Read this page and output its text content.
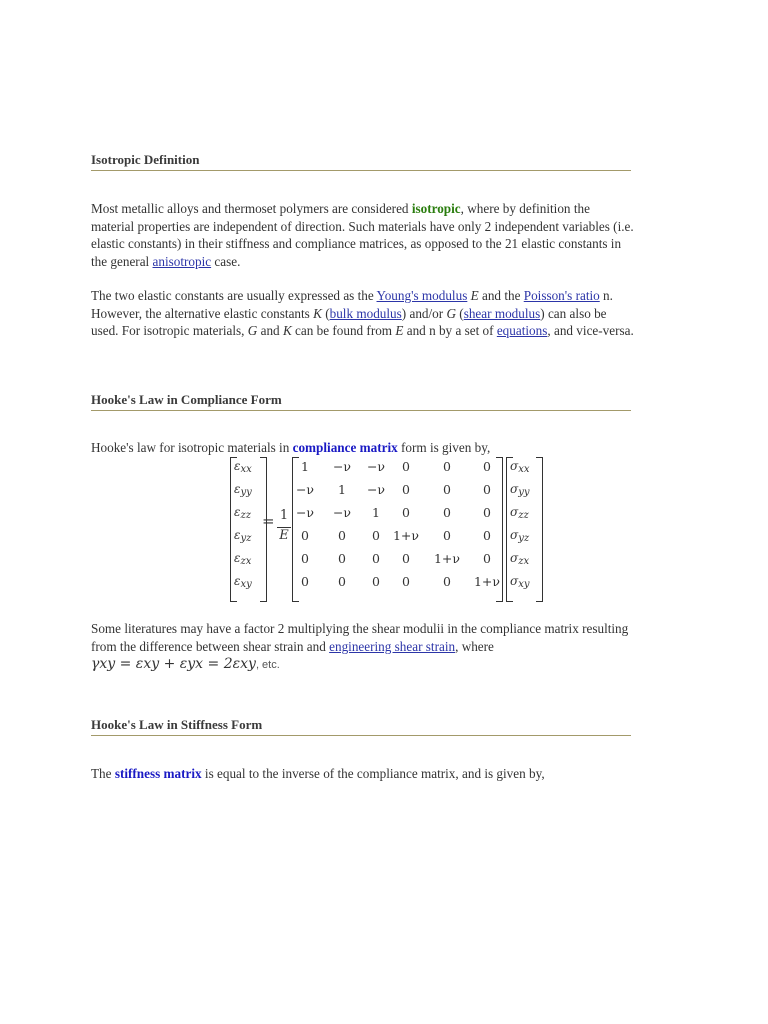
Isotropic Definition

Most metallic alloys and thermoset polymers are considered isotropic, where by definition the material properties are independent of direction. Such materials have only 2 independent variables (i.e. elastic constants) in their stiffness and compliance matrices, as opposed to the 21 elastic constants in the general anisotropic case.

The two elastic constants are usually expressed as the Young's modulus E and the Poisson's ratio n. However, the alternative elastic constants K (bulk modulus) and/or G (shear modulus) can also be used. For isotropic materials, G and K can be found from E and n by a set of equations, and vice-versa.

Hooke's Law in Compliance Form

Hooke's law for isotropic materials in compliance matrix form is given by,

Some literatures may have a factor 2 multiplying the shear modulii in the compliance matrix resulting from the difference between shear strain and engineering shear strain, where
γxy = εxy + εyx = 2εxy, etc.

Hooke's Law in Stiffness Form

The stiffness matrix is equal to the inverse of the compliance matrix, and is given by,

$\varepsilon_{xx}$
$\varepsilon_{yy}$
$\varepsilon_{zz}$
$\varepsilon_{yz}$
$\varepsilon_{zx}$
$\varepsilon_{xy}$
= 1
E
1	−ν	−ν	0	0	0
−ν	1	−ν	0	0	0
−ν	−ν	1	0	0	0
0	0	0	1+ν	0	0
0	0	0	0	1+ν	0
0	0	0	0	0	1+ν
$\sigma_{xx}$
$\sigma_{yy}$
$\sigma_{zz}$
$\sigma_{yz}$
$\sigma_{zx}$
$\sigma_{xy}$
